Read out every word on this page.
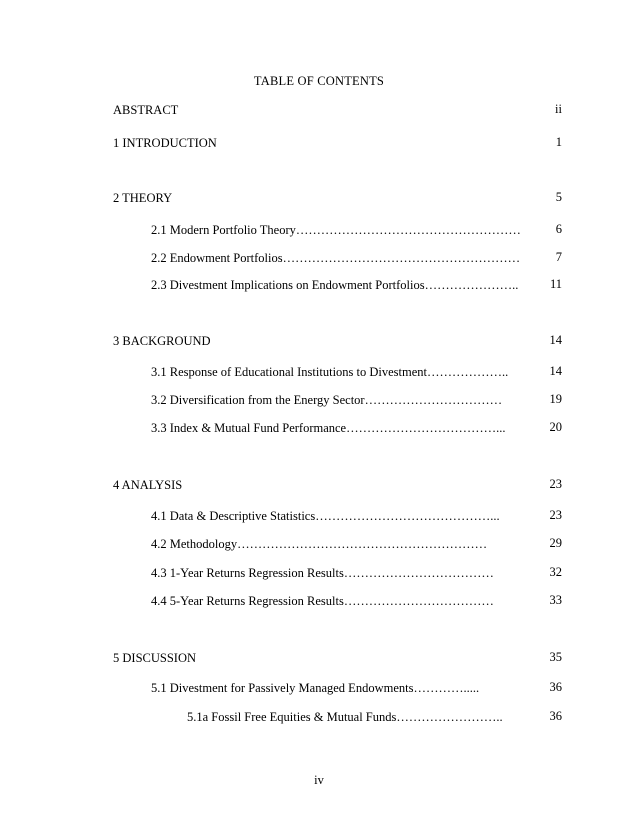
TABLE OF CONTENTS
ABSTRACT	ii
1 INTRODUCTION	1
2 THEORY	5
2.1 Modern Portfolio Theory………………………………………………	6
2.2 Endowment Portfolios…………………………………………………	7
2.3 Divestment Implications on Endowment Portfolios…………………..	11
3 BACKGROUND	14
3.1 Response of Educational Institutions to Divestment………………..	14
3.2 Diversification from the Energy Sector……………………………	19
3.3 Index & Mutual Fund Performance………………………………...	20
4 ANALYSIS	23
4.1 Data & Descriptive Statistics……………………………………...	23
4.2 Methodology……………………………………………………	29
4.3 1-Year Returns Regression Results………………………………	32
4.4 5-Year Returns Regression Results………………………………	33
5 DISCUSSION	35
5.1 Divestment for Passively Managed Endowments………….....	36
5.1a Fossil Free Equities & Mutual Funds……………………..	36
iv
